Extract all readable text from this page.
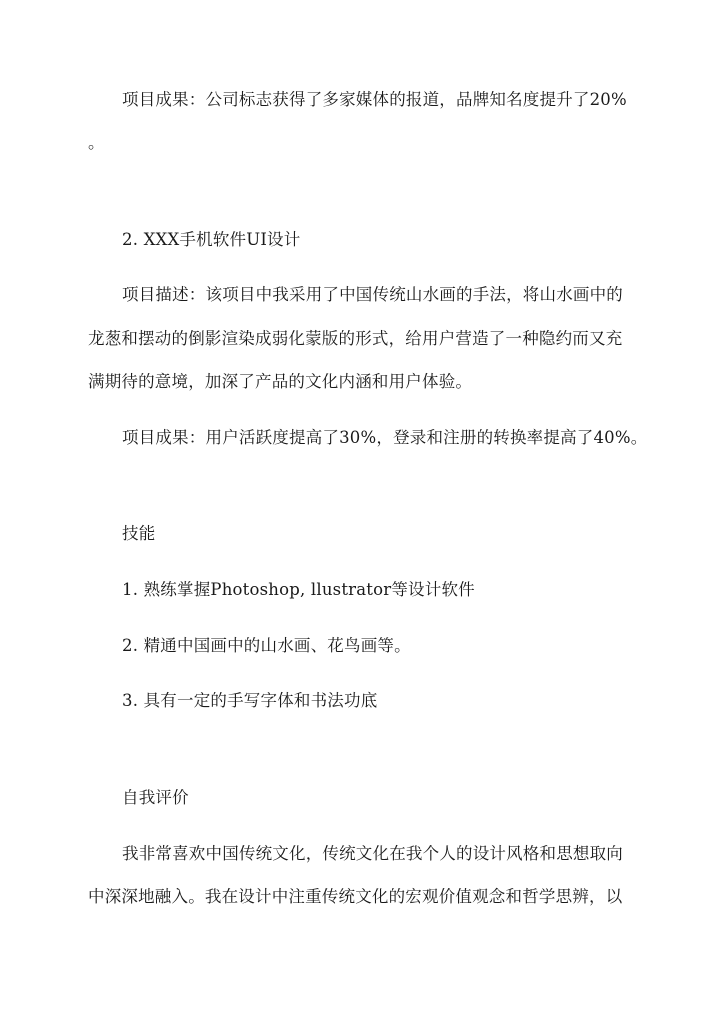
项目成果：公司标志获得了多家媒体的报道，品牌知名度提升了20%
。
2. XXX手机软件UI设计
项目描述：该项目中我采用了中国传统山水画的手法，将山水画中的
龙葱和摆动的倒影渲染成弱化蒙版的形式，给用户营造了一种隐约而又充
满期待的意境，加深了产品的文化内涵和用户体验。
项目成果：用户活跃度提高了30%，登录和注册的转换率提高了40%。
技能
1. 熟练掌握Photoshop, llustrator等设计软件
2. 精通中国画中的山水画、花鸟画等。
3. 具有一定的手写字体和书法功底
自我评价
我非常喜欢中国传统文化，传统文化在我个人的设计风格和思想取向
中深深地融入。我在设计中注重传统文化的宏观价值观念和哲学思辨，以
